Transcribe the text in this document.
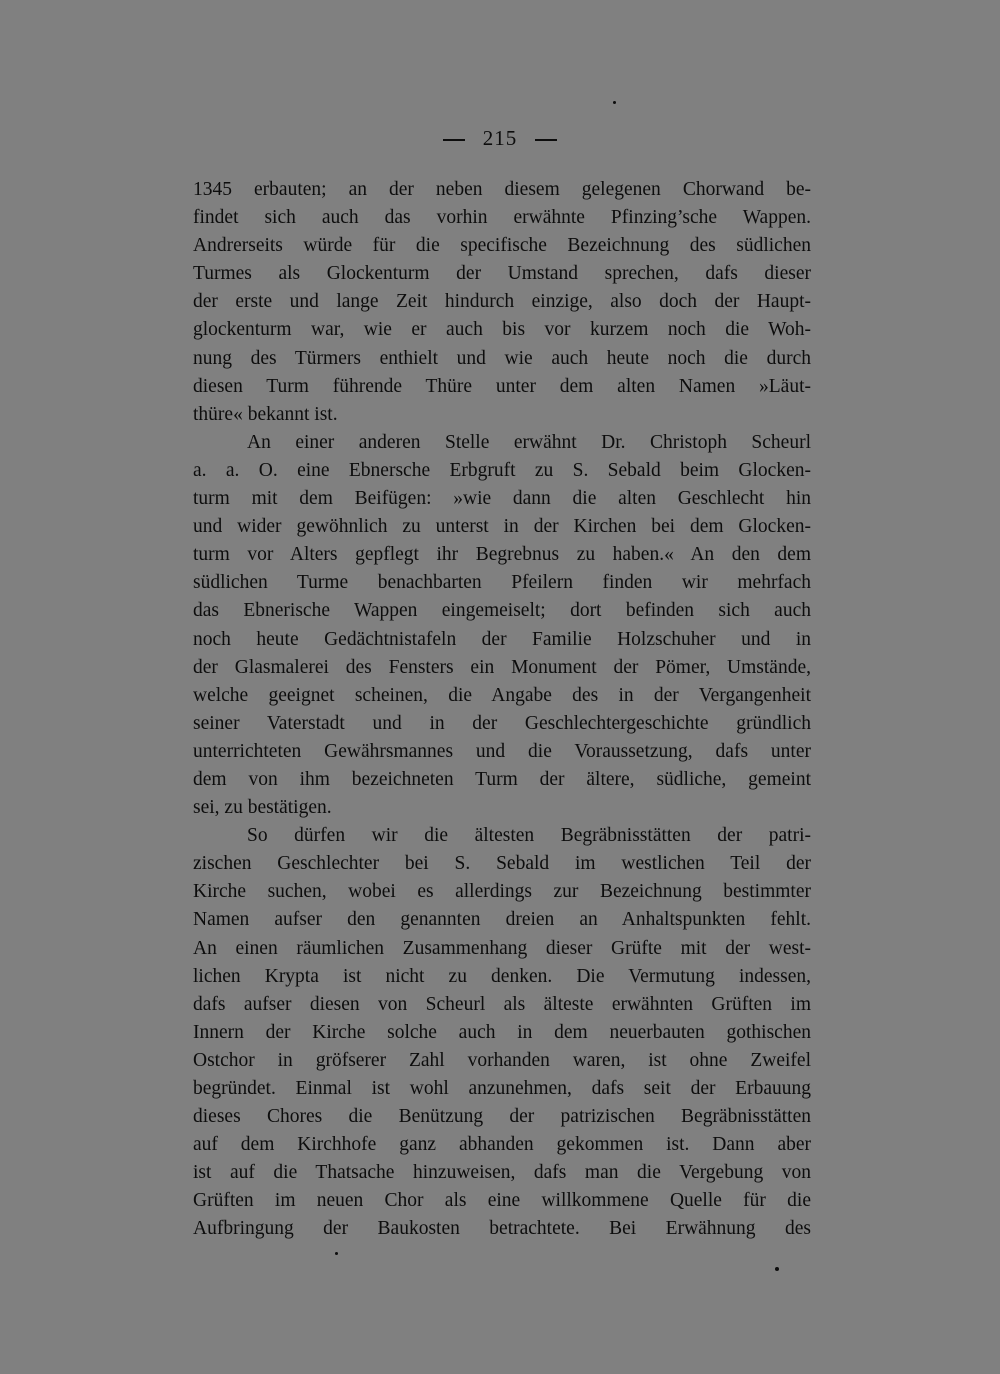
215
1345 erbauten; an der neben diesem gelegenen Chorwand be-
findet sich auch das vorhin erwähnte Pfinzing’sche Wappen.
Andrerseits würde für die specifische Bezeichnung des südlichen
Turmes als Glockenturm der Umstand sprechen, dafs dieser
der erste und lange Zeit hindurch einzige, also doch der Haupt-
glockenturm war, wie er auch bis vor kurzem noch die Woh-
nung des Türmers enthielt und wie auch heute noch die durch
diesen Turm führende Thüre unter dem alten Namen »Läut-
thüre« bekannt ist.
An einer anderen Stelle erwähnt Dr. Christoph Scheurl
a. a. O. eine Ebnersche Erbgruft zu S. Sebald beim Glocken-
turm mit dem Beifügen: »wie dann die alten Geschlecht hin
und wider gewöhnlich zu unterst in der Kirchen bei dem Glocken-
turm vor Alters gepflegt ihr Begrebnus zu haben.« An den dem
südlichen Turme benachbarten Pfeilern finden wir mehrfach
das Ebnerische Wappen eingemeiselt; dort befinden sich auch
noch heute Gedächtnistafeln der Familie Holzschuher und in
der Glasmalerei des Fensters ein Monument der Pömer, Umstände,
welche geeignet scheinen, die Angabe des in der Vergangenheit
seiner Vaterstadt und in der Geschlechtergeschichte gründlich
unterrichteten Gewährsmannes und die Voraussetzung, dafs unter
dem von ihm bezeichneten Turm der ältere, südliche, gemeint
sei, zu bestätigen.
So dürfen wir die ältesten Begräbnisstätten der patri-
zischen Geschlechter bei S. Sebald im westlichen Teil der
Kirche suchen, wobei es allerdings zur Bezeichnung bestimmter
Namen aufser den genannten dreien an Anhaltspunkten fehlt.
An einen räumlichen Zusammenhang dieser Grüfte mit der west-
lichen Krypta ist nicht zu denken. Die Vermutung indessen,
dafs aufser diesen von Scheurl als älteste erwähnten Grüften im
Innern der Kirche solche auch in dem neuerbauten gothischen
Ostchor in gröfserer Zahl vorhanden waren, ist ohne Zweifel
begründet. Einmal ist wohl anzunehmen, dafs seit der Erbauung
dieses Chores die Benützung der patrizischen Begräbnisstätten
auf dem Kirchhofe ganz abhanden gekommen ist. Dann aber
ist auf die Thatsache hinzuweisen, dafs man die Vergebung von
Grüften im neuen Chor als eine willkommene Quelle für die
Aufbringung der Baukosten betrachtete. Bei Erwähnung des
